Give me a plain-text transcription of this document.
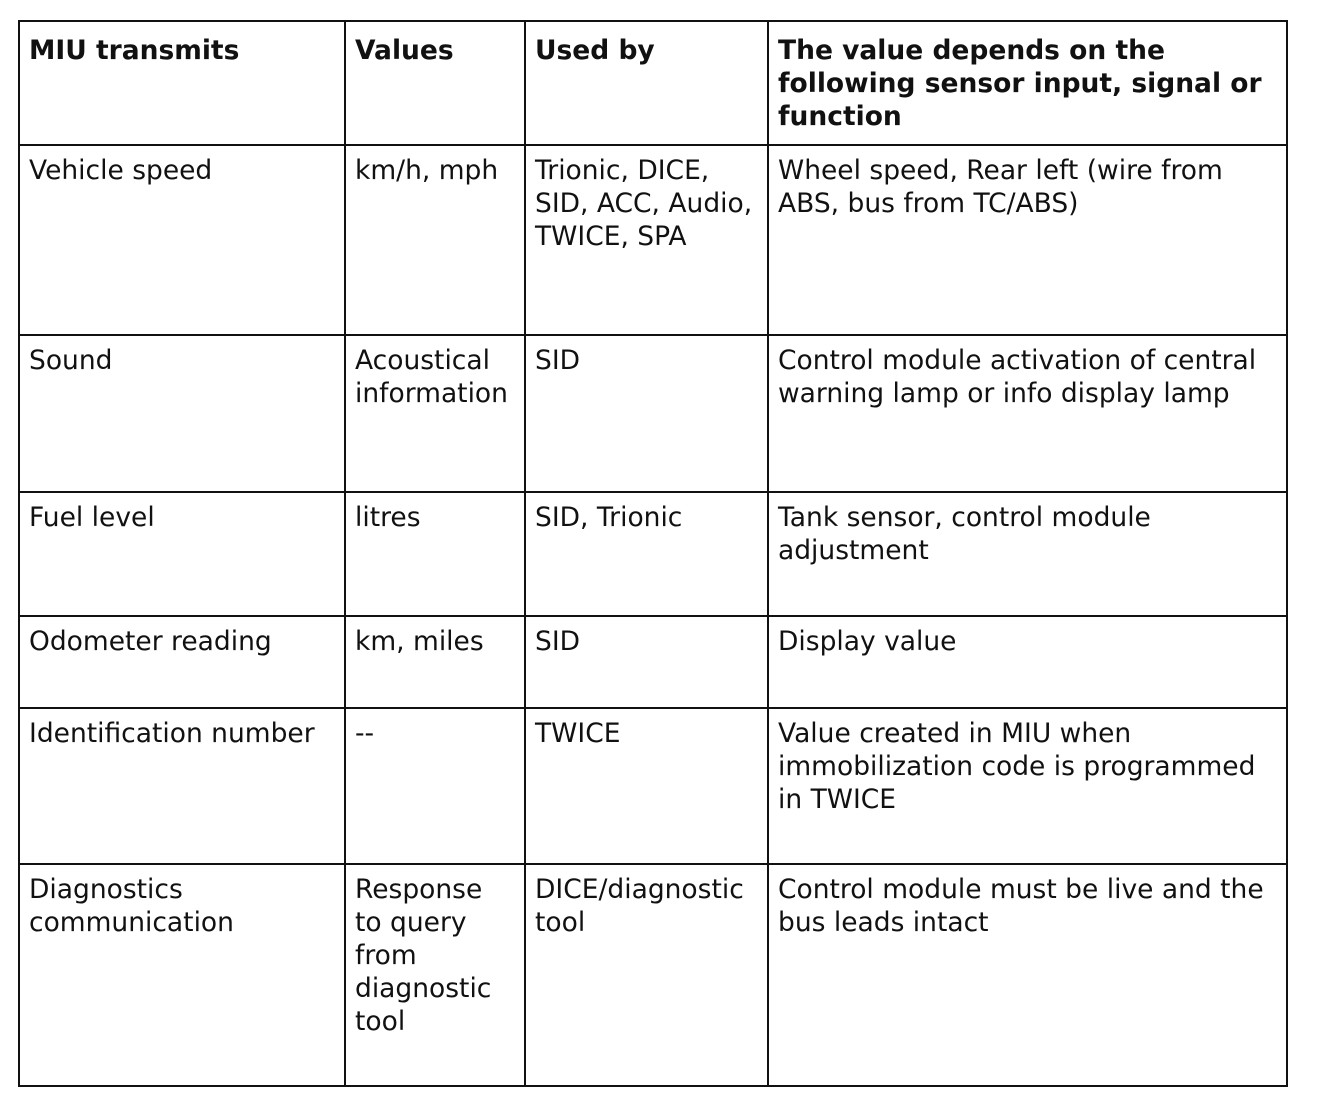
MIU transmits	Values	Used by	The value depends on the following sensor input, signal or function
Vehicle speed	km/h, mph	Trionic, DICE, SID, ACC, Audio, TWICE, SPA	Wheel speed, Rear left (wire from ABS, bus from TC/ABS)
Sound	Acoustical information	SID	Control module activation of central warning lamp or info display lamp
Fuel level	litres	SID, Trionic	Tank sensor, control module adjustment
Odometer reading	km, miles	SID	Display value
Identification number	--	TWICE	Value created in MIU when immobilization code is programmed in TWICE
Diagnostics communication	Response to query from diagnostic tool	DICE/diagnostic tool	Control module must be live and the bus leads intact
